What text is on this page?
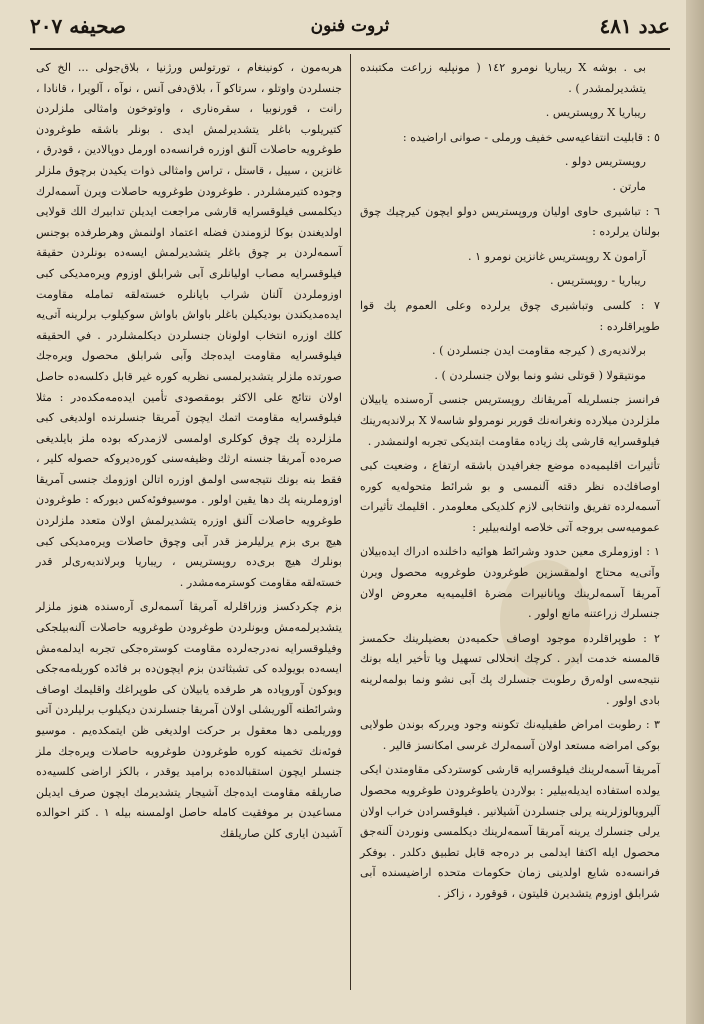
عدد ٤٨١
ثروت فنون
صحيفه ٢٠٧

بى . بوشه X ريباريا نومرو ١٤٢ ( مونپليه زراعت مكتبنده يتشديرلمشدر ) .

ريباريا X روپستريس .

٥ : قابليت انتفاعيه‌سى خفيف ورملى - صوانى اراضيده :

روپستريس دولو .

مارتن .

٦ : تباشيرى حاوى اوليان وروپستريس دولو ايچون كيرچيك چوق بولنان يرلرده :

آرامون X روپستريس غانزين نومرو ١ .

ريباريا - روپستريس .

٧ : كلسى وتباشيرى چوق يرلرده وعلى العموم پك قوا طوپراقلرده :

برلانديه‌رى ( كيرجه مقاومت ايدن جنسلردن ) .

مونتيقولا ( قوتلى نشو ونما بولان جنسلردن ) .

فرانسز جنسلريله آمريقانك روپستريس جنسى آره‌سنده يابيلان ملزلردن ميلارده ونغرانه‌نك قوربر نومرولو شاسه‌لا X برلانديه‌رينك فيلوقسرايه قارشى پك زياده مقاومت ابتديكى تجربه اولنمشدر .

تأثيرات اقليميه‌ده موضع جغرافيدن باشقه ارتفاع ، وضعيت كبى اوصافك‌ده نظر دقته آلنمسى و بو شرائط متحوله‌يه كوره آسمه‌لرده تفريق وانتخابى لازم كلديكى معلومدر . اقليمك تأثيرات عموميه‌سى بروجه آتى خلاصه اولنه‌بيلير :

١ : اوزوملرى معين حدود وشرائط هوائيه داخلنده ادراك ايده‌بيلان وآتى‌يه محتاج اولمقسزين طوغرودن طوغرويه محصول ويرن آمريقا آسمه‌لرينك وپانانيرات مضرهٔ اقليميه‌يه معروض اولان جنسلرك زراعتنه مانع اولور .

٢ : طوپراقلرده موجود اوصاف حكميه‌دن بعضيلرينك حكمسز قالمسنه خدمت ايدر . كرچك انحلالى تسهيل ويا تأخير ايله بونك نتيجه‌سى اوله‌رق رطوبت جنسلرك پك آبى نشو ونما بولمه‌لرينه بادى اولور .

٣ : رطوبت امراض طفيليه‌نك تكوننه وجود ويرركه بوندن طولايى بوكى امراضه مستعد اولان آسمه‌لرك غرسى امكانسز قالير .

آمريقا آسمه‌لرينك فيلوقسرايه قارشى كوستردكى مقاومتدن ايكى يولده استفاده ايديله‌بيلير : بولاردن ياطوغرودن طوغرويه محصول آليرويالوزلرينه يرلى جنسلردن آشيلانير . فيلوقسرادن خراب اولان يرلى جنسلرك يرينه آمريقا آسمه‌لرينك ديكلمسى ونوردن آلنه‌جق محصول ايله اكتفا ايدلمى بر دره‌جه قابل تطبيق دكلدر . بوفكر فرانسه‌ده شايع اولدينى زمان حكومات متحده اراضيسنده آبى شرابلق اوزوم يتشديرن قليتون ، قوقورد ، زاكز .

هربه‌مون ، كونينغام ، تورتولس ورژنيا ، بلاق‌جولى ... الخ كى جنسلردن واوتلو ، سرتاكو آ ، بلاق‌دفى آنس ، نوآه ، آلويرا ، قانادا ، رانت ، قورنوبيا ، سقره‌نارى ، واوتوخون وامثالى ملزلردن كتيريلوب باغلر يتشديرلمش ايدى . بونلر باشقه طوغرودن طوغرويه حاصلات آلنق اوزره فرانسه‌ده اورمل دوپالادين ، قودرق ، غانزين ، سييل ، قاستل ، تراس وامثالى ذوات يكيدن برچوق ملزلر وجوده كتيرمشلردر . طوغرودن طوغرويه حاصلات ويرن آسمه‌لرك ديكلمسى فيلوقسرايه قارشى مراجعت ايديلن تدابيرك الك قولايى اولديغندن بوكا لزومندن فضله اعتماد اولنمش وهرطرفده بوجنس آسمه‌لردن بر چوق باغلر يتشديرلمش ايسه‌ده بونلردن حقيقة فيلوقسرايه مصاب اوليانلرى آبى شرابلق اوزوم ويره‌مديكى كبى اوزوملردن آلنان شراب بايانلره خسته‌لقه تمامله مقاومت ايده‌مديكندن بوديكيلن باغلر باواش باواش سوكيلوب برلرينه آتى‌يه كلك اوزره انتخاب اولونان جنسلردن ديكلمشلردر . في الحقيقه فيلوقسرايه مقاومت ايده‌جك وآبى شرابلق محصول ويره‌جك صورتده ملزلر يتشديرلمسى نظريه كوره غير قابل دكلسه‌ده حاصل اولان نتائج على الاكثر بومقصودى تأمين ايده‌مه‌مكده‌در : مثلا فيلوقسرايه مقاومت اتمك ايچون آمريقا جنسلرنده اولديغى كبى ملزلرده پك چوق كوكلرى اولمسى لازمدركه بوده ملز بايلديغى صره‌ده آمريقا جنسنه ارثك وظيفه‌سنى كوره‌ديروكه حصوله كلير ، فقط بنه بونك نتيجه‌سى اولمق اوزره اتالن اوزومك جنسى آمريقا اوزوملرينه پك دها يقين اولور . موسيوفوئه‌كس ديوركه : طوغرودن طوغرويه حاصلات آلنق اوزره يتشديرلمش اولان متعدد ملزلردن هيچ برى بزم يرليلرمز قدر آبى وچوق حاصلات ويره‌مديكى كبى بونلرك هيچ برى‌ده روپستريس ، ريباريا وبرلانديه‌رى‌لر قدر خسته‌لقه مقاومت كوسترمه‌مشدر .

بزم چكردكسز وزراقلرله آمريقا آسمه‌لرى آره‌سنده هنوز ملزلر يتشديرلمه‌مش وبونلردن طوغرودن طوغرويه حاصلات آلنه‌بيلجكى وفيلوقسرايه نه‌درجه‌لرده مقاومت كوستره‌جكى تجربه ايدلمه‌مش ايسه‌ده بويولده كى تشبثاتدن بزم ايچون‌ده بر فائده كوريله‌مه‌جكى ويوكون آوروپاده هر طرفده يابيلان كى طوپراغك واقليمك اوصاف وشرائطنه آلوريشلى اولان آمريقا جنسلرندن ديكيلوب برليلردن آتى ووريلمى دها معقول بر حركت اولديغى ظن ايتمكده‌يم . موسيو فوئه‌نك تخمينه كوره طوغرودن طوغرويه حاصلات ويره‌جك ملز جنسلر ايچون استقبالده‌ده براميد يوقدر ، بالكز اراضى كلسيه‌ده صاريلقه مقاومت ايده‌جك آشيجار يتشديرمك ايچون صرف ايديلن مساعيدن بر موفقيت كامله حاصل اولمسنه بيله ١ . كثر احوالده آشيدن ايارى كلن صاريلقك
